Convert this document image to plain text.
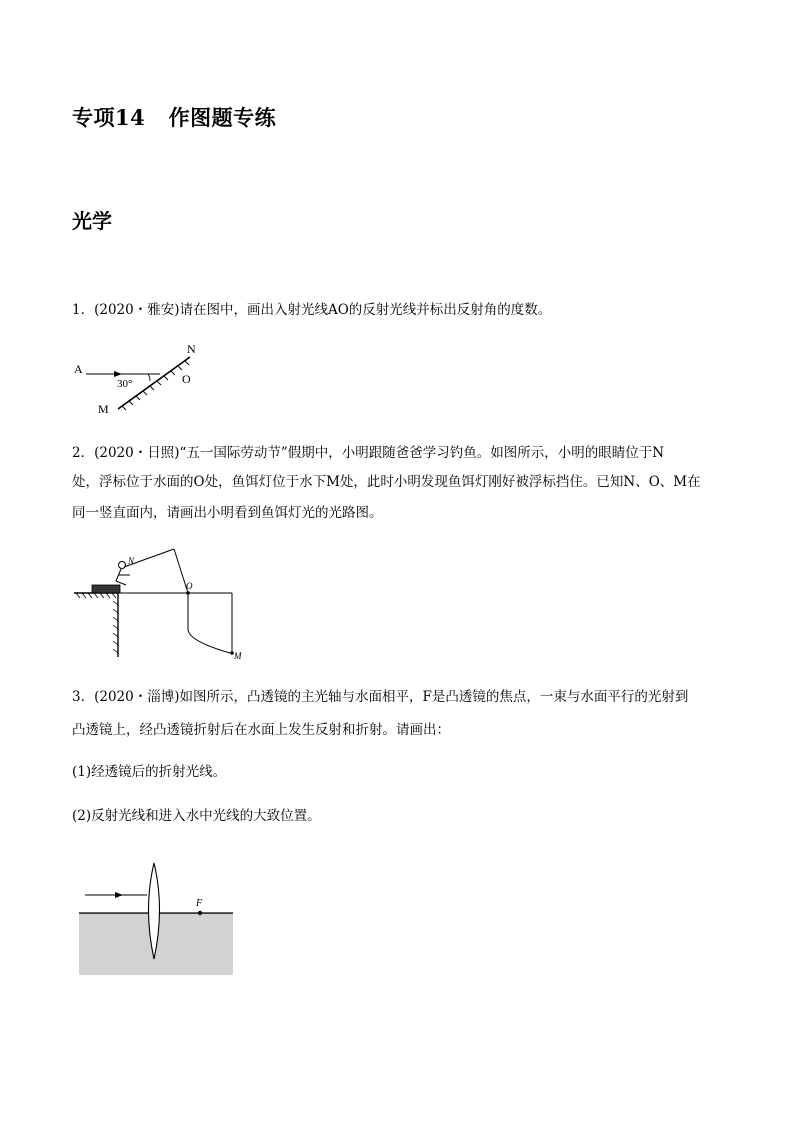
专项14   作图题专练
光学
1．(2020・雅安)请在图中，画出入射光线AO的反射光线并标出反射角的度数。
A
N
O
M
30°
2．(2020・日照)“五一国际劳动节”假期中，小明跟随爸爸学习钓鱼。如图所示，小明的眼睛位于N
处，浮标位于水面的O处，鱼饵灯位于水下M处，此时小明发现鱼饵灯刚好被浮标挡住。已知N、O、M在
同一竖直面内，请画出小明看到鱼饵灯光的光路图。
N
O
M
3．(2020・淄博)如图所示，凸透镜的主光轴与水面相平，F是凸透镜的焦点，一束与水面平行的光射到
凸透镜上，经凸透镜折射后在水面上发生反射和折射。请画出：
(1)经透镜后的折射光线。
(2)反射光线和进入水中光线的大致位置。
F
